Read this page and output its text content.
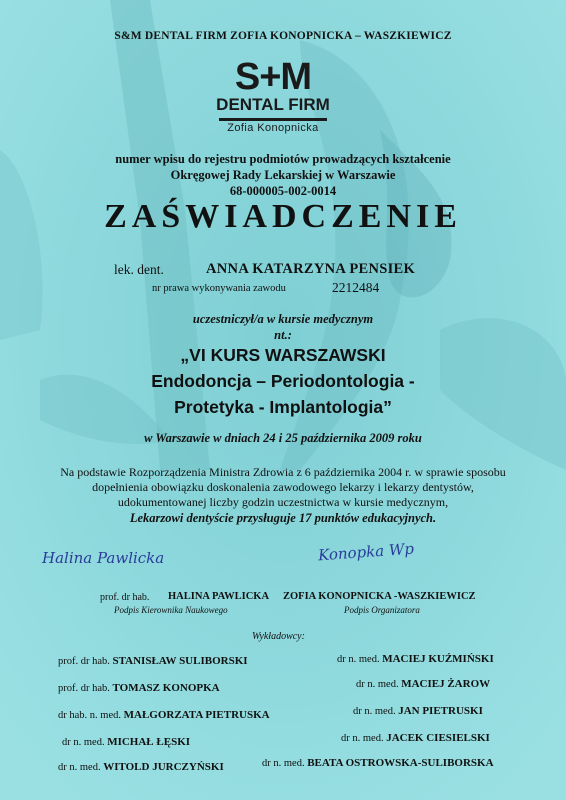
S&M DENTAL FIRM ZOFIA KONOPNICKA – WASZKIEWICZ
S+M
DENTAL FIRM
Zofia Konopnicka
numer wpisu do rejestru podmiotów prowadzących kształcenie
Okręgowej Rady Lekarskiej w Warszawie
68-000005-002-0014
ZAŚWIADCZENIE
lek. dent.	ANNA KATARZYNA PENSIEK
nr prawa wykonywania zawodu	2212484
uczestniczył/a w kursie medycznym
nt.:
„VI KURS WARSZAWSKI
Endodoncja – Periodontologia -
Protetyka - Implantologia”
w Warszawie w dniach 24 i 25 października 2009 roku
Na podstawie Rozporządzenia Ministra Zdrowia z 6 października 2004 r. w sprawie sposobu
dopełnienia obowiązku doskonalenia zawodowego lekarzy i lekarzy dentystów,
udokumentowanej liczby godzin uczestnictwa w kursie medycznym,
Lekarzowi dentyście przysługuje 17 punktów edukacyjnych.
Halina Pawlicka	Konopka Wp
prof. dr hab. HALINA PAWLICKA
Podpis Kierownika Naukowego
ZOFIA KONOPNICKA -WASZKIEWICZ
Podpis Organizatora
Wykładowcy:
prof. dr hab. STANISŁAW SULIBORSKI	dr n. med. MACIEJ KUŹMIŃSKI
prof. dr hab. TOMASZ KONOPKA	dr n. med. MACIEJ ŻAROW
dr hab. n. med. MAŁGORZATA PIETRUSKA	dr n. med. JAN PIETRUSKI
dr n. med. MICHAŁ ŁĘSKI	dr n. med. JACEK CIESIELSKI
dr n. med. WITOLD JURCZYŃSKI	dr n. med. BEATA OSTROWSKA-SULIBORSKA
